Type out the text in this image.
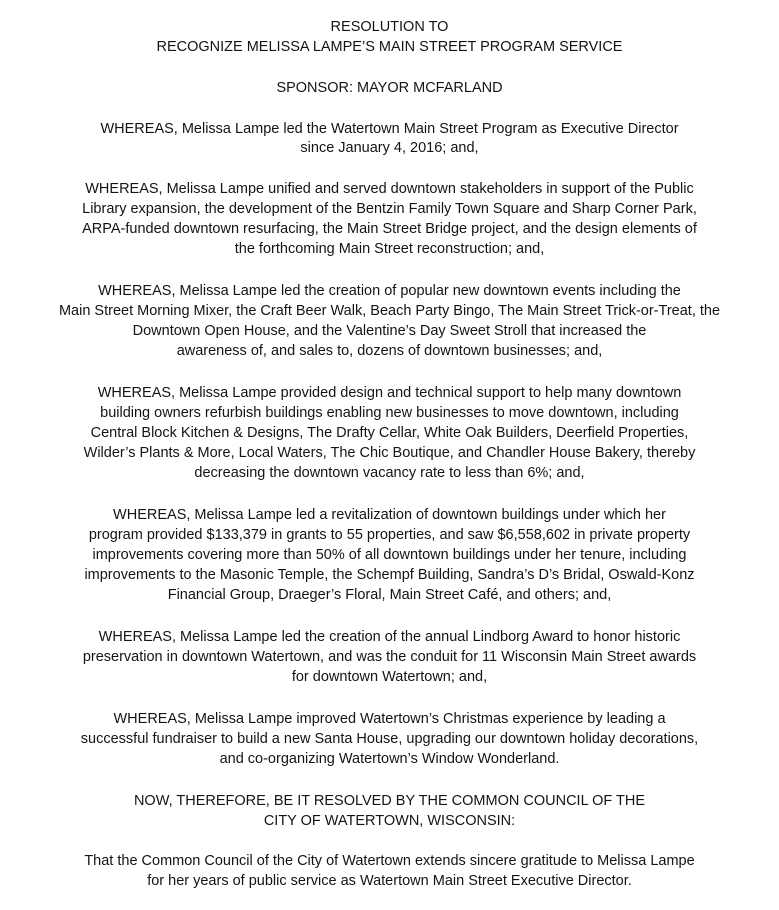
RESOLUTION TO
RECOGNIZE MELISSA LAMPE’S MAIN STREET PROGRAM SERVICE
SPONSOR: MAYOR MCFARLAND
WHEREAS, Melissa Lampe led the Watertown Main Street Program as Executive Director
since January 4, 2016; and,
WHEREAS, Melissa Lampe unified and served downtown stakeholders in support of the Public
Library expansion, the development of the Bentzin Family Town Square and Sharp Corner Park,
ARPA-funded downtown resurfacing, the Main Street Bridge project, and the design elements of
the forthcoming Main Street reconstruction; and,
WHEREAS, Melissa Lampe led the creation of popular new downtown events including the
Main Street Morning Mixer, the Craft Beer Walk, Beach Party Bingo, The Main Street Trick-or-Treat, the
Downtown Open House, and the Valentine’s Day Sweet Stroll that increased the
awareness of, and sales to, dozens of downtown businesses; and,
WHEREAS, Melissa Lampe provided design and technical support to help many downtown
building owners refurbish buildings enabling new businesses to move downtown, including
Central Block Kitchen & Designs, The Drafty Cellar, White Oak Builders, Deerfield Properties,
Wilder’s Plants & More, Local Waters, The Chic Boutique, and Chandler House Bakery, thereby
decreasing the downtown vacancy rate to less than 6%; and,
WHEREAS, Melissa Lampe led a revitalization of downtown buildings under which her
program provided $133,379 in grants to 55 properties, and saw $6,558,602 in private property
improvements covering more than 50% of all downtown buildings under her tenure, including
improvements to the Masonic Temple, the Schempf Building, Sandra’s D’s Bridal, Oswald-Konz
Financial Group, Draeger’s Floral, Main Street Café, and others; and,
WHEREAS, Melissa Lampe led the creation of the annual Lindborg Award to honor historic
preservation in downtown Watertown, and was the conduit for 11 Wisconsin Main Street awards
for downtown Watertown; and,
WHEREAS, Melissa Lampe improved Watertown’s Christmas experience by leading a
successful fundraiser to build a new Santa House, upgrading our downtown holiday decorations,
and co-organizing Watertown’s Window Wonderland.
NOW, THEREFORE, BE IT RESOLVED BY THE COMMON COUNCIL OF THE
CITY OF WATERTOWN, WISCONSIN:
That the Common Council of the City of Watertown extends sincere gratitude to Melissa Lampe
for her years of public service as Watertown Main Street Executive Director.
